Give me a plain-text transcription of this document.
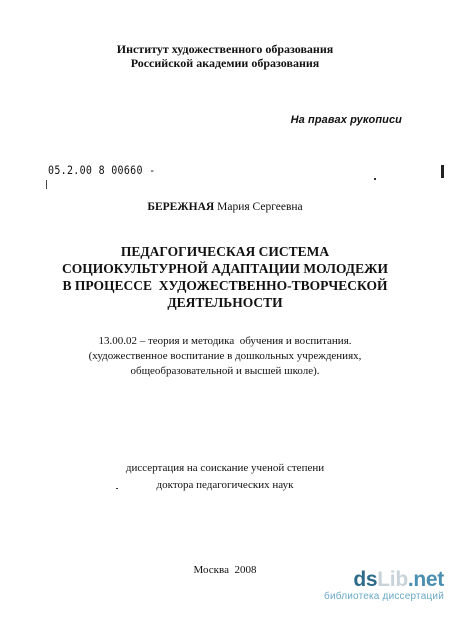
Институт художественного образования
Российской академии образования
На правах рукописи
05.2.00 8 00660 -
БЕРЕЖНАЯ Мария Сергеевна
ПЕДАГОГИЧЕСКАЯ СИСТЕМА
СОЦИОКУЛЬТУРНОЙ АДАПТАЦИИ МОЛОДЕЖИ
В ПРОЦЕССЕ  ХУДОЖЕСТВЕННО-ТВОРЧЕСКОЙ
ДЕЯТЕЛЬНОСТИ
13.00.02 – теория и методика  обучения и воспитания.
(художественное воспитание в дошкольных учреждениях,
общеобразовательной и высшей школе).
диссертация на соискание ученой степени
доктора педагогических наук
Москва  2008	dsLib.net
библиотека диссертаций
